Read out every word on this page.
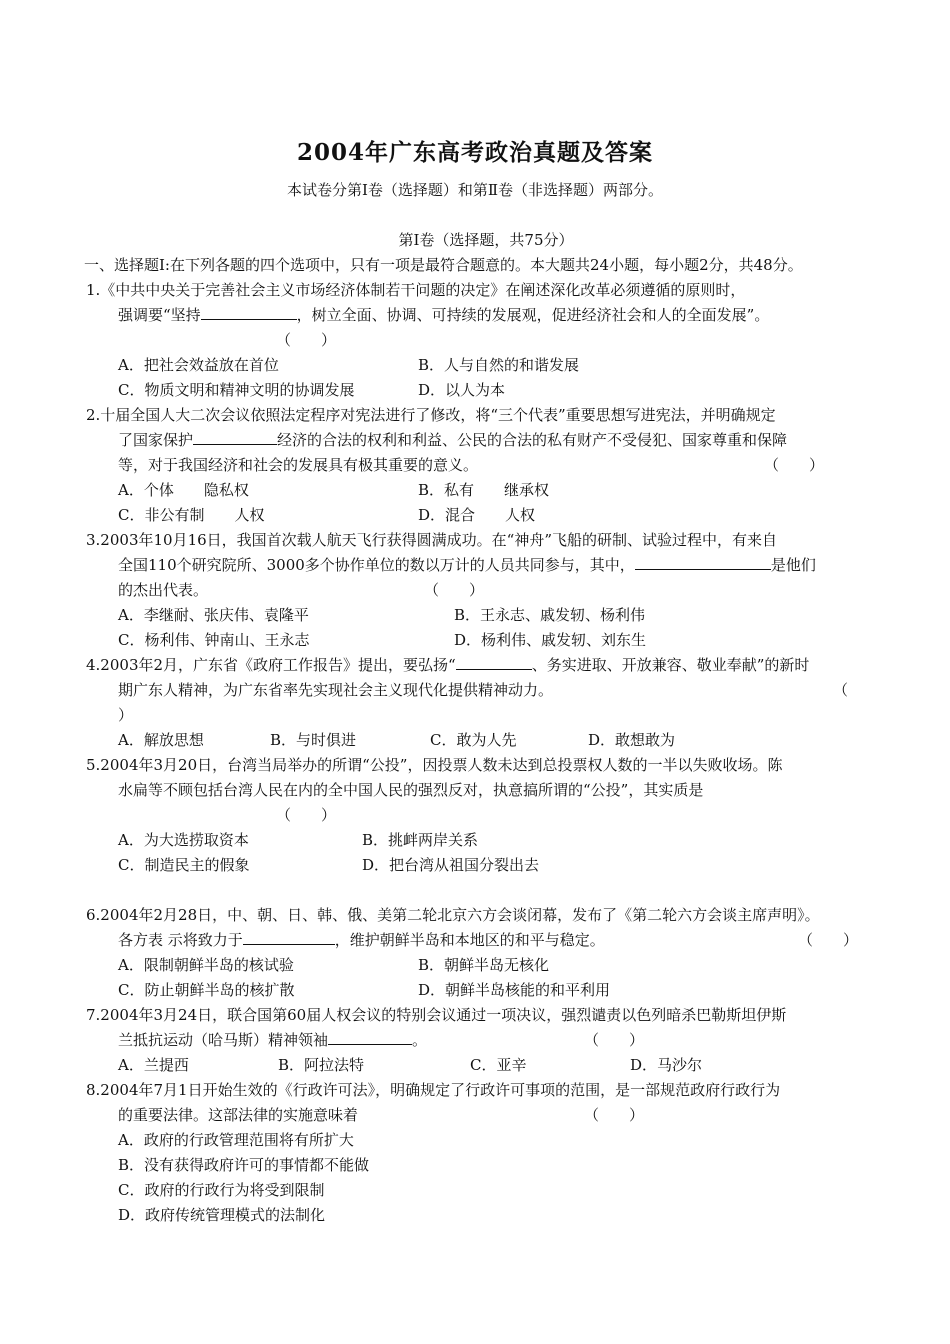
2004年广东高考政治真题及答案
本试卷分第Ⅰ卷（选择题）和第Ⅱ卷（非选择题）两部分。
第Ⅰ卷（选择题，共75分）
一、选择题Ⅰ:在下列各题的四个选项中，只有一项是最符合题意的。本大题共24小题，每小题2分，共48分。
1.《中共中央关于完善社会主义市场经济体制若干问题的决定》在阐述深化改革必须遵循的原则时，
强调要“坚持	，树立全面、协调、可持续的发展观，促进经济社会和人的全面发展”。
（　　）
A．把社会效益放在首位	B．人与自然的和谐发展
C．物质文明和精神文明的协调发展	D．以人为本
2.十届全国人大二次会议依照法定程序对宪法进行了修改，将“三个代表”重要思想写进宪法，并明确规定
了国家保护	经济的合法的权利和利益、公民的合法的私有财产不受侵犯、国家尊重和保障
等，对于我国经济和社会的发展具有极其重要的意义。	（　　）
A．个体　　隐私权	B．私有　　继承权
C．非公有制　　人权	D．混合　　人权
3.2003年10月16日，我国首次载人航天飞行获得圆满成功。在“神舟”飞船的研制、试验过程中，有来自
全国110个研究院所、3000多个协作单位的数以万计的人员共同参与，其中，	是他们
的杰出代表。	（　　）
A．李继耐、张庆伟、袁隆平	B．王永志、戚发轫、杨利伟
C．杨利伟、钟南山、王永志	D．杨利伟、戚发轫、刘东生
4.2003年2月，广东省《政府工作报告》提出，要弘扬“	、务实进取、开放兼容、敬业奉献”的新时
期广东人精神，为广东省率先实现社会主义现代化提供精神动力。	（
）
A．解放思想	B．与时俱进	C．敢为人先	D．敢想敢为
5.2004年3月20日，台湾当局举办的所谓“公投”，因投票人数未达到总投票权人数的一半以失败收场。陈
水扁等不顾包括台湾人民在内的全中国人民的强烈反对，执意搞所谓的“公投”，其实质是
（　　）
A．为大选捞取资本	B．挑衅两岸关系
C．制造民主的假象	D．把台湾从祖国分裂出去
6.2004年2月28日，中、朝、日、韩、俄、美第二轮北京六方会谈闭幕，发布了《第二轮六方会谈主席声明》。
各方表 示将致力于	，维护朝鲜半岛和本地区的和平与稳定。	（　　）
A．限制朝鲜半岛的核试验	B．朝鲜半岛无核化
C．防止朝鲜半岛的核扩散	D．朝鲜半岛核能的和平利用
7.2004年3月24日，联合国第60届人权会议的特别会议通过一项决议，强烈谴责以色列暗杀巴勒斯坦伊斯
兰抵抗运动（哈马斯）精神领袖	。	（　　）
A．兰提西	B．阿拉法特	C．亚辛	D．马沙尔
8.2004年7月1日开始生效的《行政许可法》，明确规定了行政许可事项的范围，是一部规范政府行政行为
的重要法律。这部法律的实施意味着	（　　）
A．政府的行政管理范围将有所扩大
B．没有获得政府许可的事情都不能做
C．政府的行政行为将受到限制
D．政府传统管理模式的法制化
